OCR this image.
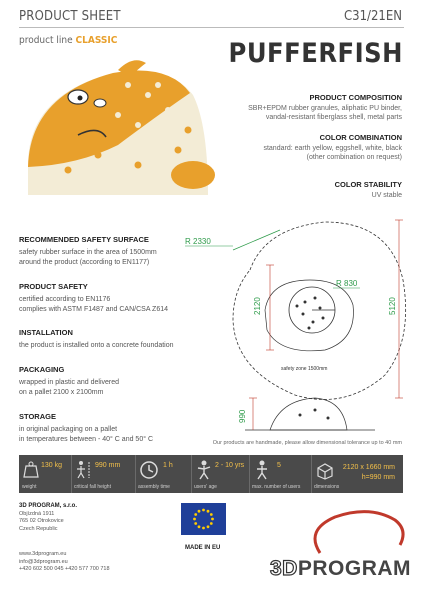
PRODUCT SHEET	C31/21EN
product line CLASSIC	PUFFERFISH
PRODUCT COMPOSITION
SBR+EPDM rubber granules, aliphatic PU binder,
vandal-resistant fiberglass shell, metal parts
COLOR COMBINATION
standard: earth yellow, eggshell, white, black
(other combination on request)
COLOR STABILITY
UV stable
RECOMMENDED SAFETY SURFACE
safety rubber surface in the area of 1500mm
around the product (according to EN1177)
PRODUCT SAFETY
certified according to EN1176
complies with ASTM F1487 and CAN/CSA Z614
INSTALLATION
the product is installed onto a concrete foundation
PACKAGING
wrapped in plastic and delivered
on a pallet 2100 x 2100mm
STORAGE
in original packaging on a pallet
in temperatures between - 40° C and 50° C
R 2330
R 830
2120	5120
safety zone 1500mm
990
Our products are handmade, please allow dimensional tolerance up to 40 mm
130 kg
weight
990 mm
critical fall height
1 h
assembly time
2 - 10 yrs
users' age
5
max. number of users
2120 x 1660 mm
h=990 mm
dimensions
3D PROGRAM, s.r.o.
Objízdná 1911
765 02 Otrokovice
Czech Republic
www.3dprogram.eu
info@3dprogram.eu
+420 602 500 045 +420 577 700 718
MADE IN EU
3DPROGRAM
